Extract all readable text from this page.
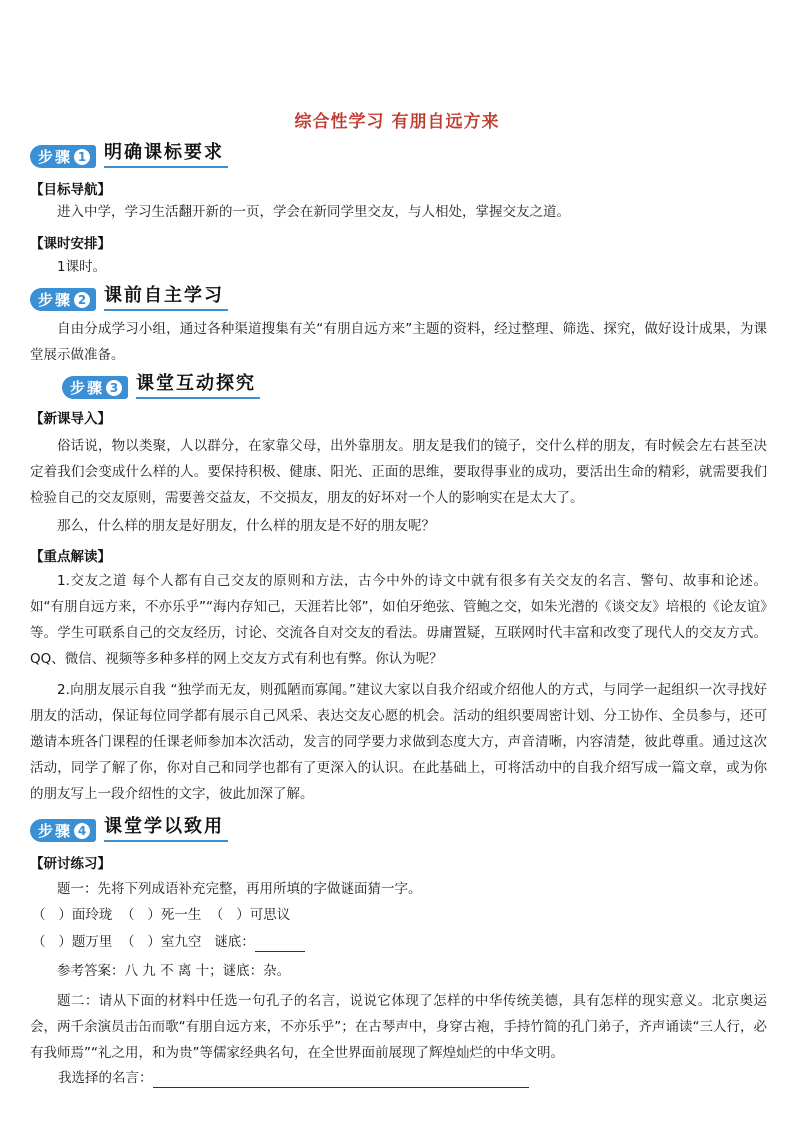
综合性学习 有朋自远方来
步骤 1 明确课标要求
【目标导航】
进入中学，学习生活翻开新的一页，学会在新同学里交友，与人相处，掌握交友之道。
【课时安排】
1课时。
步骤 2 课前自主学习
自由分成学习小组，通过各种渠道搜集有关“有朋自远方来”主题的资料，经过整理、筛选、探究，做好设计成果，为课堂展示做准备。
步骤 3 课堂互动探究
【新课导入】
俗话说，物以类聚，人以群分，在家靠父母，出外靠朋友。朋友是我们的镜子，交什么样的朋友，有时候会左右甚至决定着我们会变成什么样的人。要保持积极、健康、阳光、正面的思维，要取得事业的成功，要活出生命的精彩，就需要我们检验自己的交友原则，需要善交益友，不交损友，朋友的好坏对一个人的影响实在是太大了。
那么，什么样的朋友是好朋友，什么样的朋友是不好的朋友呢？
【重点解读】
1.交友之道 每个人都有自己交友的原则和方法，古今中外的诗文中就有很多有关交友的名言、警句、故事和论述。如“有朋自远方来，不亦乐乎”“海内存知己，天涯若比邻”，如伯牙绝弦、管鲍之交，如朱光潜的《谈交友》培根的《论友谊》等。学生可联系自己的交友经历，讨论、交流各自对交友的看法。毋庸置疑，互联网时代丰富和改变了现代人的交友方式。QQ、微信、视频等多种多样的网上交友方式有利也有弊。你认为呢？
2.向朋友展示自我 “独学而无友，则孤陋而寡闻。”建议大家以自我介绍或介绍他人的方式，与同学一起组织一次寻找好朋友的活动，保证每位同学都有展示自己风采、表达交友心愿的机会。活动的组织要周密计划、分工协作、全员参与，还可邀请本班各门课程的任课老师参加本次活动，发言的同学要力求做到态度大方，声音清晰，内容清楚，彼此尊重。通过这次活动，同学了解了你，你对自己和同学也都有了更深入的认识。在此基础上，可将活动中的自我介绍写成一篇文章，或为你的朋友写上一段介绍性的文字，彼此加深了解。
步骤 4 课堂学以致用
【研讨练习】
题一：先将下列成语补充完整，再用所填的字做谜面猜一字。
（   ）面玲珑  （   ）死一生  （   ）可思议
（   ）题万里  （   ）室九空   谜底：
参考答案：八 九 不 离 十；谜底：杂。
题二：请从下面的材料中任选一句孔子的名言，说说它体现了怎样的中华传统美德，具有怎样的现实意义。北京奥运会，两千余演员击缶而歌“有朋自远方来，不亦乐乎”；在古琴声中，身穿古袍，手持竹简的孔门弟子，齐声诵读“三人行，必有我师焉”“礼之用，和为贵”等儒家经典名句，在全世界面前展现了辉煌灿烂的中华文明。
我选择的名言：
